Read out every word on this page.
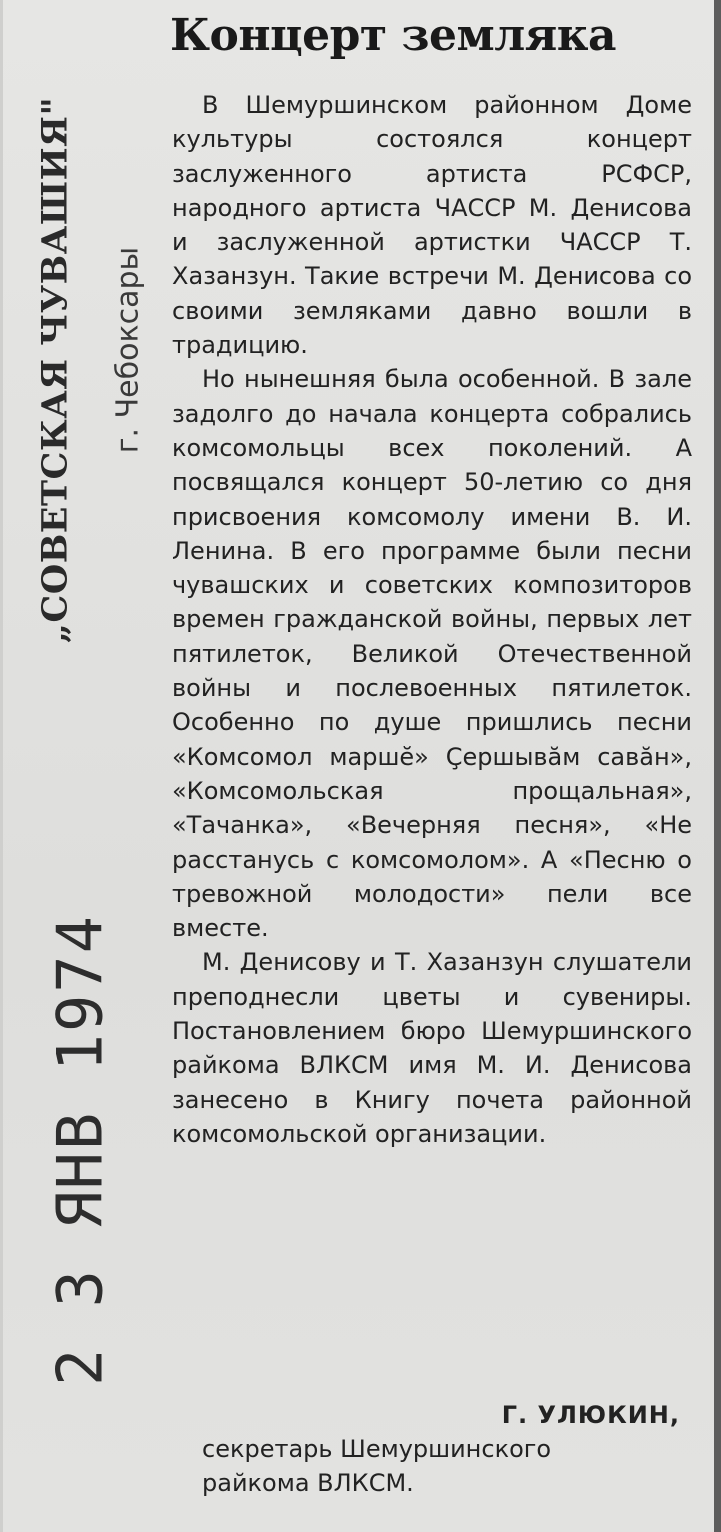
„СОВЕТСКАЯ ЧУВАШИЯ" г. Чебоксары
2 3 ЯНВ 1974
Концерт земляка

В Шемуршинском районном Доме культуры состоялся концерт заслуженного артиста РСФСР, народного артиста ЧАССР М. Денисова и заслуженной артистки ЧАССР Т. Хазанзун. Такие встречи М. Денисова со своими земляками давно вошли в традицию.

Но нынешняя была особенной. В зале задолго до начала концерта собрались комсомольцы всех поколений. А посвящался концерт 50-летию со дня присвоения комсомолу имени В. И. Ленина. В его программе были песни чувашских и советских композиторов времен гражданской войны, первых лет пятилеток, Великой Отечественной войны и послевоенных пятилеток. Особенно по душе пришлись песни «Комсомол маршӗ» Ҫершывăм савăн», «Комсомольская прощальная», «Тачанка», «Вечерняя песня», «Не расстанусь с комсомолом». А «Песню о тревожной молодости» пели все вместе.

М. Денисову и Т. Хазанзун слушатели преподнесли цветы и сувениры. Постановлением бюро Шемуршинского райкома ВЛКСМ имя М. И. Денисова занесено в Книгу почета районной комсомольской организации.

Г. УЛЮКИН,
секретарь Шемуршинского
райкома ВЛКСМ.
